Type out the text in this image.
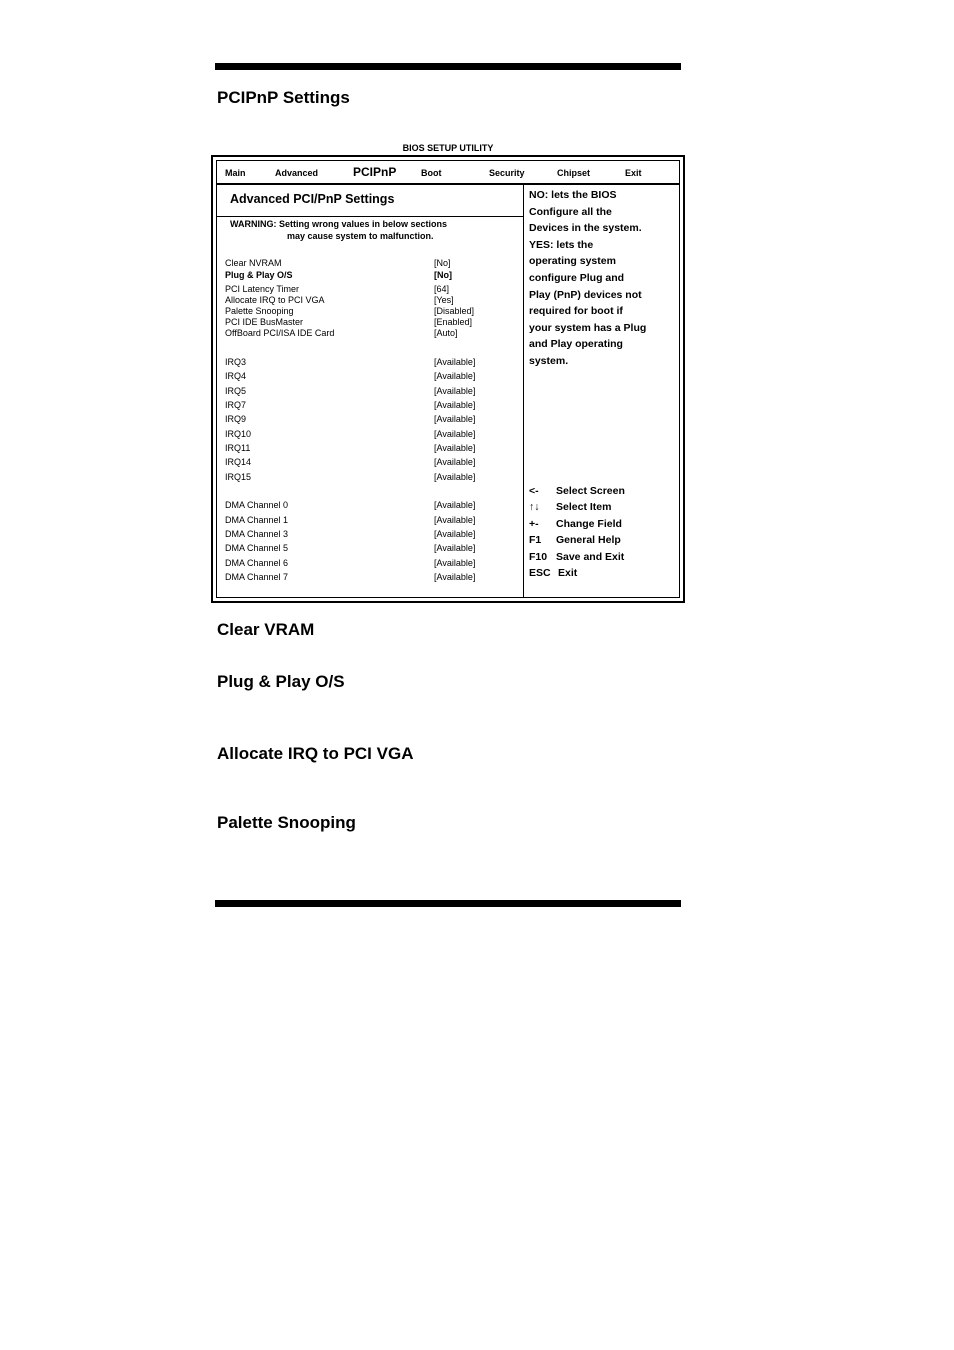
PCIPnP Settings
BIOS SETUP UTILITY
Main	Advanced	PCIPnP	Boot	Security	Chipset	Exit
Advanced PCI/PnP Settings
WARNING: Setting wrong values in below sections
may cause system to malfunction.
Clear NVRAM	[No]
Plug & Play O/S	[No]
PCI Latency Timer	[64]
Allocate IRQ to PCI VGA	[Yes]
Palette Snooping	[Disabled]
PCI IDE BusMaster	[Enabled]
OffBoard PCI/ISA IDE Card	[Auto]
IRQ3	[Available]
IRQ4	[Available]
IRQ5	[Available]
IRQ7	[Available]
IRQ9	[Available]
IRQ10	[Available]
IRQ11	[Available]
IRQ14	[Available]
IRQ15	[Available]
DMA Channel 0	[Available]
DMA Channel 1	[Available]
DMA Channel 3	[Available]
DMA Channel 5	[Available]
DMA Channel 6	[Available]
DMA Channel 7	[Available]
NO: lets the BIOS
Configure all the
Devices in the system.
YES: lets the
operating system
configure Plug and
Play (PnP) devices not
required for boot if
your system has a Plug
and Play operating
system.
<- Select Screen
↑↓ Select Item
+- Change Field
F1 General Help
F10 Save and Exit
ESC Exit
Clear VRAM
Plug & Play O/S
Allocate IRQ to PCI VGA
Palette Snooping
